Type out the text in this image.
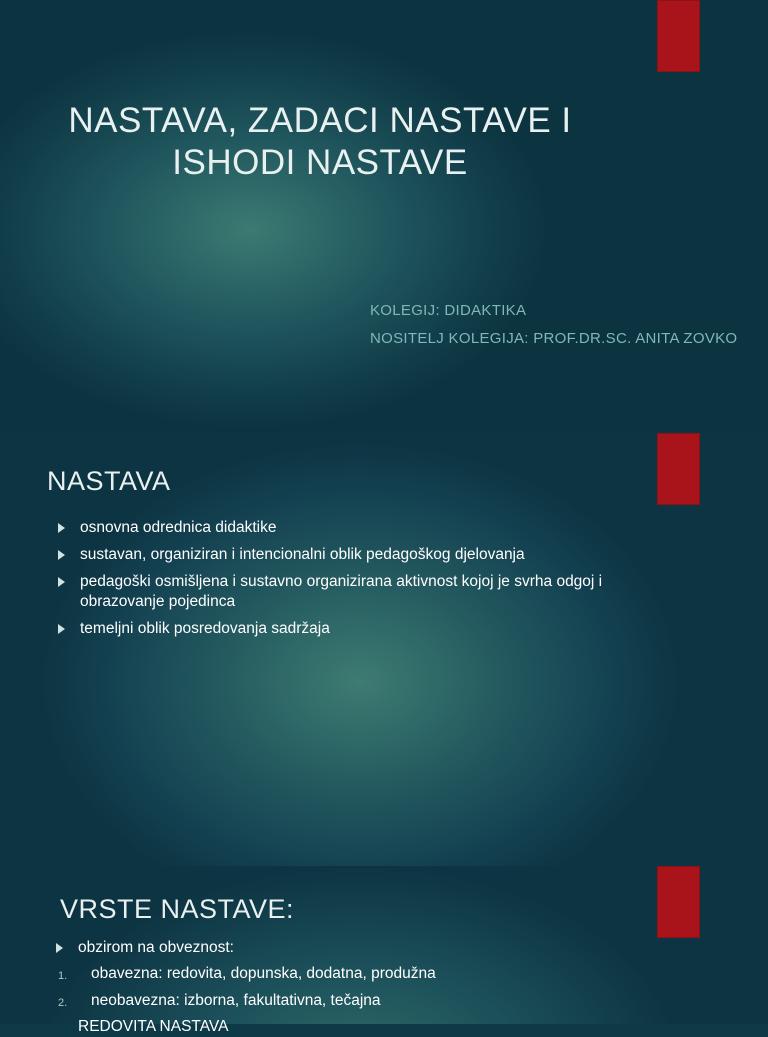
NASTAVA, ZADACI NASTAVE I ISHODI NASTAVE
KOLEGIJ: DIDAKTIKA
NOSITELJ KOLEGIJA: PROF.DR.SC. ANITA ZOVKO
NASTAVA
osnovna odrednica didaktike
sustavan, organiziran i intencionalni oblik pedagoškog djelovanja
pedagoški osmišljena i sustavno organizirana aktivnost kojoj je svrha odgoj i obrazovanje pojedinca
temeljni oblik posredovanja sadržaja
VRSTE NASTAVE:
obzirom na obveznost:
1. obavezna: redovita, dopunska, dodatna, produžna
2. neobavezna: izborna, fakultativna, tečajna
REDOVITA NASTAVA
